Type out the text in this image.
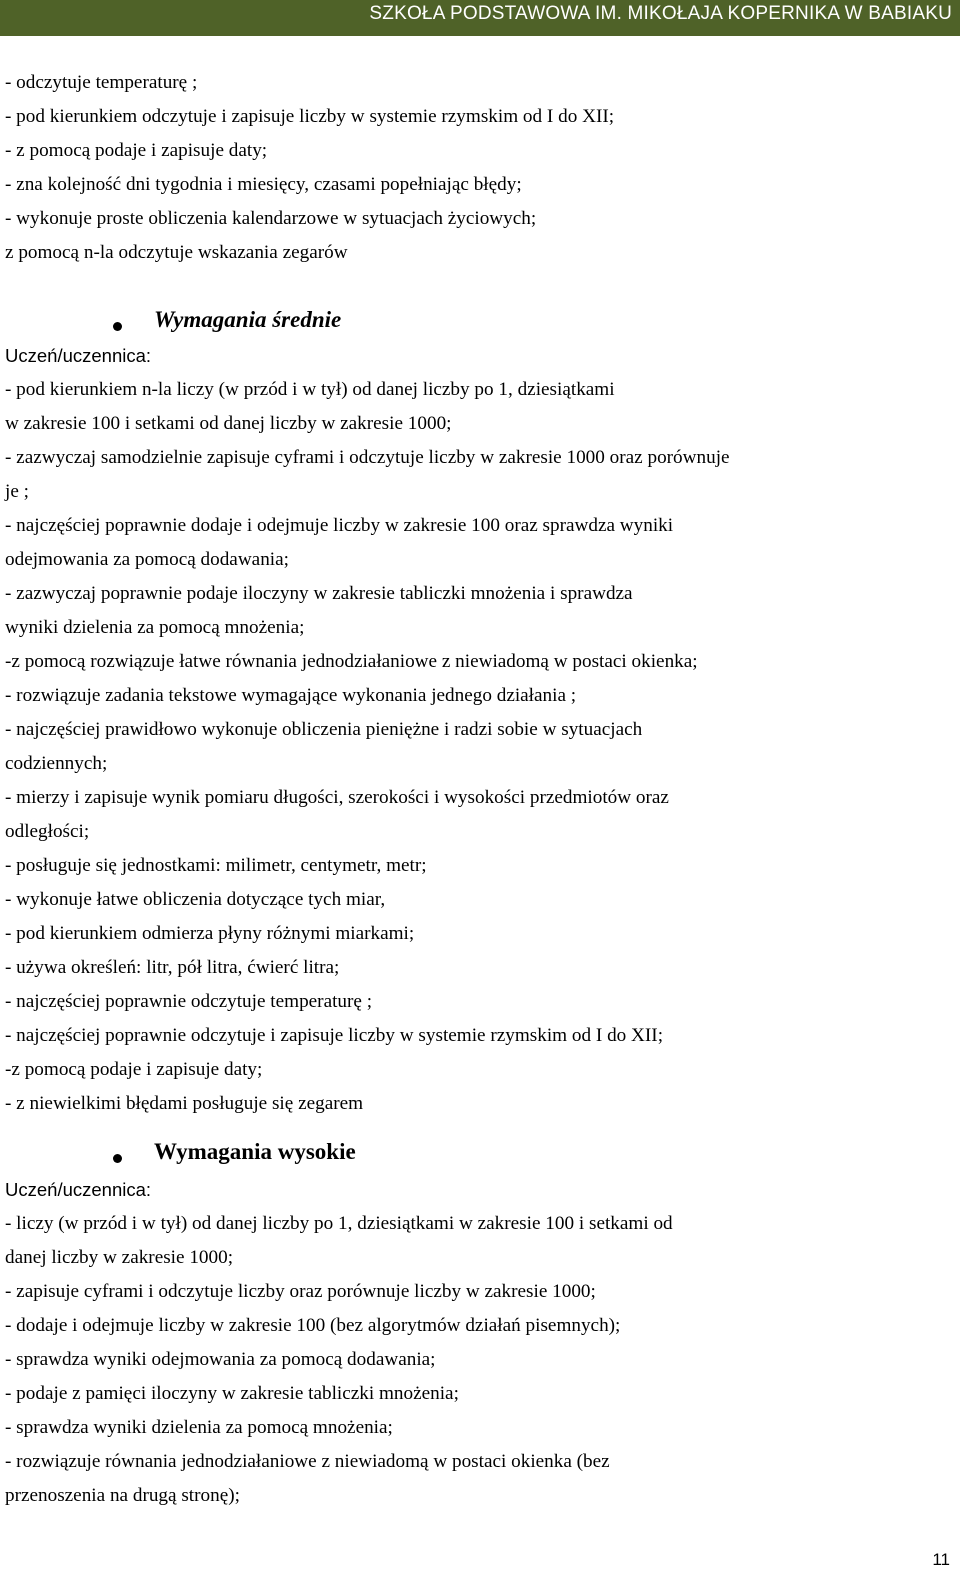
SZKOŁA PODSTAWOWA IM. MIKOŁAJA KOPERNIKA W BABIAKU
- odczytuje temperaturę ;
- pod kierunkiem odczytuje i zapisuje liczby w systemie rzymskim od I do XII;
- z pomocą podaje i zapisuje daty;
- zna kolejność dni tygodnia i miesięcy, czasami popełniając błędy;
- wykonuje proste obliczenia kalendarzowe w sytuacjach życiowych;
z pomocą n-la odczytuje wskazania zegarów
Wymagania średnie
Uczeń/uczennica:
- pod kierunkiem n-la liczy (w przód i w tył) od danej liczby po 1, dziesiątkami
w zakresie 100 i setkami od danej liczby w zakresie 1000;
- zazwyczaj samodzielnie zapisuje cyframi i odczytuje liczby w zakresie 1000 oraz porównuje
je ;
- najczęściej poprawnie dodaje i odejmuje liczby w zakresie 100 oraz sprawdza wyniki
odejmowania za pomocą dodawania;
- zazwyczaj poprawnie podaje iloczyny w zakresie tabliczki mnożenia i sprawdza
wyniki dzielenia za pomocą mnożenia;
-z pomocą rozwiązuje łatwe równania jednodziałaniowe z niewiadomą w postaci okienka;
- rozwiązuje zadania tekstowe wymagające wykonania jednego działania ;
- najczęściej prawidłowo wykonuje obliczenia pieniężne i radzi sobie w sytuacjach
codziennych;
- mierzy i zapisuje wynik pomiaru długości, szerokości i wysokości przedmiotów oraz
odległości;
- posługuje się jednostkami: milimetr, centymetr, metr;
- wykonuje łatwe obliczenia dotyczące tych miar,
- pod kierunkiem odmierza płyny różnymi miarkami;
- używa określeń: litr, pół litra, ćwierć litra;
- najczęściej poprawnie odczytuje temperaturę ;
- najczęściej poprawnie odczytuje i zapisuje liczby w systemie rzymskim od I do XII;
-z pomocą podaje i zapisuje daty;
- z niewielkimi błędami posługuje się zegarem
Wymagania wysokie
Uczeń/uczennica:
- liczy (w przód i w tył) od danej liczby po 1, dziesiątkami w zakresie 100 i setkami od
danej liczby w zakresie 1000;
- zapisuje cyframi i odczytuje liczby oraz porównuje liczby w zakresie 1000;
- dodaje i odejmuje liczby w zakresie 100 (bez algorytmów działań pisemnych);
- sprawdza wyniki odejmowania za pomocą dodawania;
- podaje z pamięci iloczyny w zakresie tabliczki mnożenia;
- sprawdza wyniki dzielenia za pomocą mnożenia;
- rozwiązuje równania jednodziałaniowe z niewiadomą w postaci okienka (bez
przenoszenia na drugą stronę);
11
